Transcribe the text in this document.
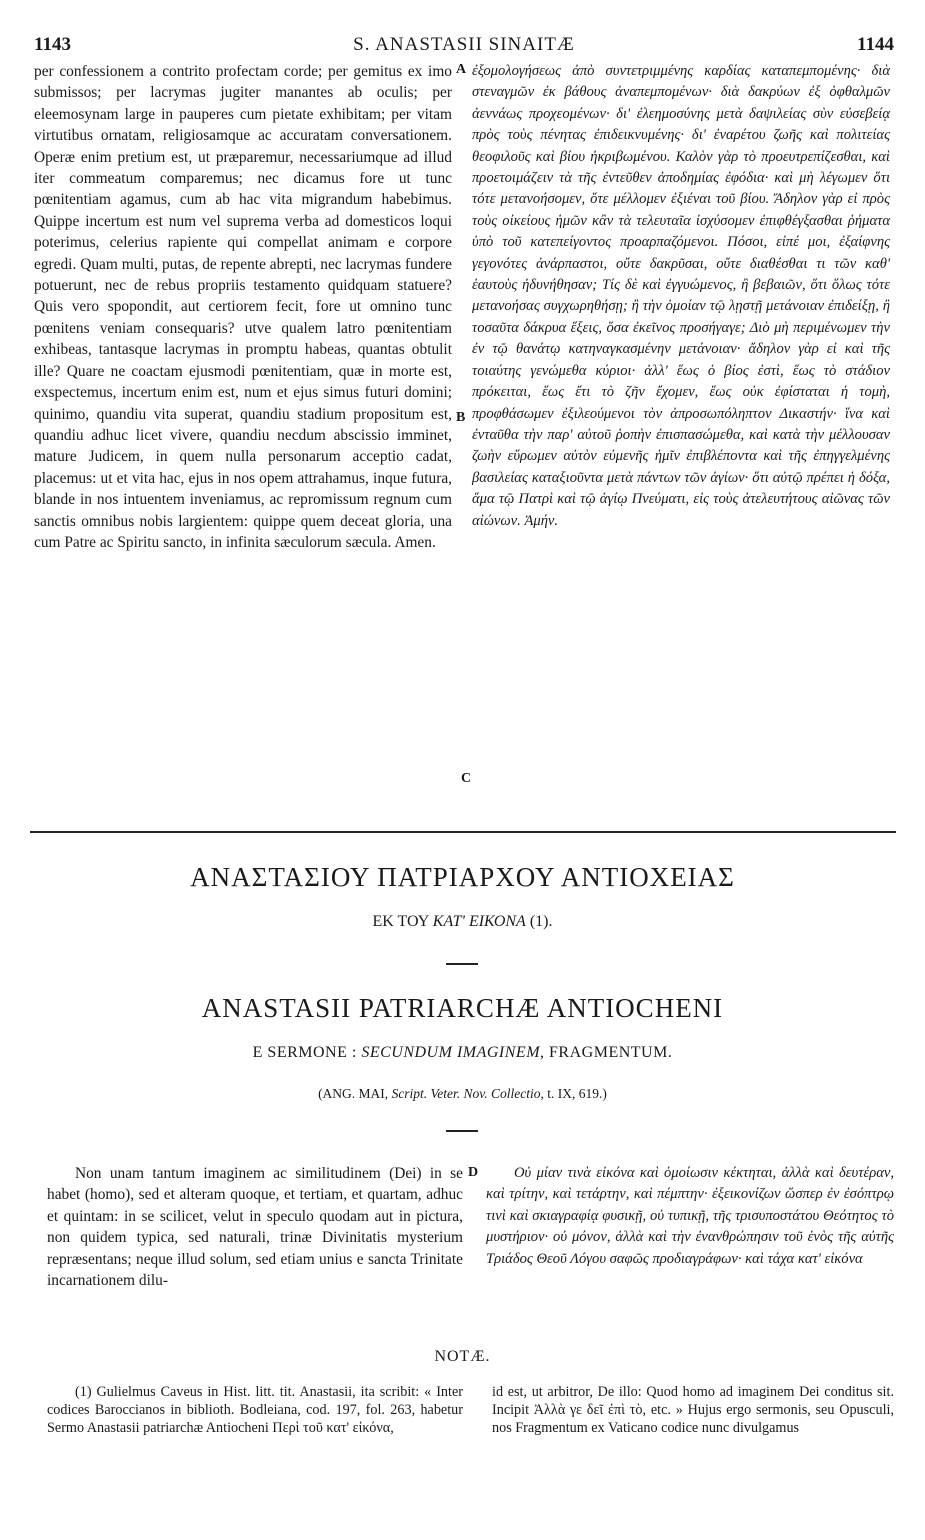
1143	S. ANASTASII SINAITÆ	1144

per confessionem a contrito profectam corde; per gemitus ex imo submissos; per lacrymas jugiter manantes ab oculis; per eleemosynam large in pauperes cum pietate exhibitam; per vitam virtutibus ornatam, religiosamque ac accuratam conversationem. Operæ enim pretium est, ut præparemur, necessariumque ad illud iter commeatum comparemus; nec dicamus fore ut tunc pœnitentiam agamus, cum ab hac vita migrandum habebimus. Quippe incertum est num vel suprema verba ad domesticos loqui poterimus, celerius rapiente qui compellat animam e corpore egredi. Quam multi, putas, de repente abrepti, nec lacrymas fundere potuerunt, nec de rebus propriis testamento quidquam statuere? Quis vero spopondit, aut certiorem fecit, fore ut omnino tunc pœnitens veniam consequaris? utve qualem latro pœnitentiam exhibeas, tantasque lacrymas in promptu habeas, quantas obtulit ille? Quare ne coactam ejusmodi pœnitentiam, quæ in morte est, exspectemus, incertum enim est, num et ejus simus futuri domini; quinimo, quandiu vita superat, quandiu stadium propositum est, quandiu adhuc licet vivere, quandiu necdum abscissio imminet, mature Judicem, in quem nulla personarum acceptio cadat, placemus: ut et vita hac, ejus in nos opem attrahamus, inque futura, blande in nos intuentem inveniamus, ac repromissum regnum cum sanctis omnibus nobis largientem: quippe quem deceat gloria, una cum Patre ac Spiritu sancto, in infinita sæculorum sæcula. Amen.

A
B
C

ἐξομολογήσεως ἀπὸ συντετριμμένης καρδίας καταπεμπομένης· διὰ στεναγμῶν ἐκ βάθους ἀναπεμπομένων· διὰ δακρύων ἐξ ὀφθαλμῶν ἀεννάως προχεομένων· δι' ἐλεημοσύνης μετὰ δαψιλείας σὺν εὐσεβείᾳ πρὸς τοὺς πένητας ἐπιδεικνυμένης· δι' ἐναρέτου ζωῆς καὶ πολιτείας θεοφιλοῦς καὶ βίου ἠκριβωμένου. Καλὸν γὰρ τὸ προευτρεπίζεσθαι, καὶ προετοιμάζειν τὰ τῆς ἐντεῦθεν ἀποδημίας ἐφόδια· καὶ μὴ λέγωμεν ὅτι τότε μετανοήσομεν, ὅτε μέλλομεν ἐξιέναι τοῦ βίου. Ἄδηλον γὰρ εἰ πρὸς τοὺς οἰκείους ἡμῶν κἂν τὰ τελευταῖα ἰσχύσομεν ἐπιφθέγξασθαι ῥήματα ὑπὸ τοῦ κατεπείγοντος προαρπαζόμενοι. Πόσοι, εἰπέ μοι, ἐξαίφνης γεγονότες ἀνάρπαστοι, οὔτε δακρῦσαι, οὔτε διαθέσθαι τι τῶν καθ' ἑαυτοὺς ἠδυνήθησαν; Τίς δὲ καὶ ἐγγυώμενος, ἢ βεβαιῶν, ὅτι ὅλως τότε μετανοήσας συγχωρηθήσῃ; ἢ τὴν ὁμοίαν τῷ λῃστῇ μετάνοιαν ἐπιδείξῃ, ἢ τοσαῦτα δάκρυα ἕξεις, ὅσα ἐκεῖνος προσήγαγε; Διὸ μὴ περιμένωμεν τὴν ἐν τῷ θανάτῳ κατηναγκασμένην μετάνοιαν· ἄδηλον γὰρ εἰ καὶ τῆς τοιαύτης γενώμεθα κύριοι· ἀλλ' ἕως ὁ βίος ἐστὶ, ἕως τὸ στάδιον πρόκειται, ἕως ἔτι τὸ ζῆν ἔχομεν, ἕως οὐκ ἐφίσταται ἡ τομὴ, προφθάσωμεν ἐξιλεούμενοι τὸν ἀπροσωπόληπτον Δικαστήν· ἵνα καὶ ἐνταῦθα τὴν παρ' αὐτοῦ ῥοπὴν ἐπισπασώμεθα, καὶ κατὰ τὴν μέλλουσαν ζωὴν εὕρωμεν αὐτὸν εὐμενῆς ἡμῖν ἐπιβλέποντα καὶ τῆς ἐπηγγελμένης βασιλείας καταξιοῦντα μετὰ πάντων τῶν ἁγίων· ὅτι αὐτῷ πρέπει ἡ δόξα, ἅμα τῷ Πατρὶ καὶ τῷ ἁγίῳ Πνεύματι, εἰς τοὺς ἀτελευτήτους αἰῶνας τῶν αἰώνων. Ἀμήν.

ΑΝΑΣΤΑΣΙΟΥ ΠΑΤΡΙΑΡΧΟΥ ΑΝΤΙΟΧΕΙΑΣ
ΕΚ ΤΟΥ ΚΑΤ' ΕΙΚΟΝΑ (1).
ANASTASII PATRIARCHÆ ANTIOCHENI
E SERMONE : SECUNDUM IMAGINEM, FRAGMENTUM.
(ANG. MAI, Script. Veter. Nov. Collectio, t. IX, 619.)

Non unam tantum imaginem ac similitudinem (Dei) in se habet (homo), sed et alteram quoque, et tertiam, et quartam, adhuc et quintam: in se scilicet, velut in speculo quodam aut in pictura, non quidem typica, sed naturali, trinæ Divinitatis mysterium repræsentans; neque illud solum, sed etiam unius e sancta Trinitate incarnationem dilu-

D	Οὐ μίαν τινὰ εἰκόνα καὶ ὁμοίωσιν κέκτηται, ἀλλὰ καὶ δευτέραν, καὶ τρίτην, καὶ τετάρτην, καὶ πέμπτην· ἐξεικονίζων ὥσπερ ἐν ἐσόπτρῳ τινὶ καὶ σκιαγραφίᾳ φυσικῇ, οὐ τυπικῇ, τῆς τρισυποστάτου Θεότητος τὸ μυστήριον· οὐ μόνον, ἀλλὰ καὶ τὴν ἐνανθρώπησιν τοῦ ἑνὸς τῆς αὐτῆς Τριάδος Θεοῦ Λόγου σαφῶς προδιαγράφων· καὶ τάχα κατ' εἰκόνα

NOTÆ.
(1) Gulielmus Caveus in Hist. litt. tit. Anastasii, ita scribit: « Inter codices Baroccianos in biblioth. Bodleiana, cod. 197, fol. 263, habetur Sermo Anastasii patriarchæ Antiocheni Περὶ τοῦ κατ' εἰκόνα,
id est, ut arbitror, De illo: Quod homo ad imaginem Dei conditus sit. Incipit Ἀλλὰ γε δεῖ ἐπὶ τὸ, etc. » Hujus ergo sermonis, seu Opusculi, nos Fragmentum ex Vaticano codice nunc divulgamus
